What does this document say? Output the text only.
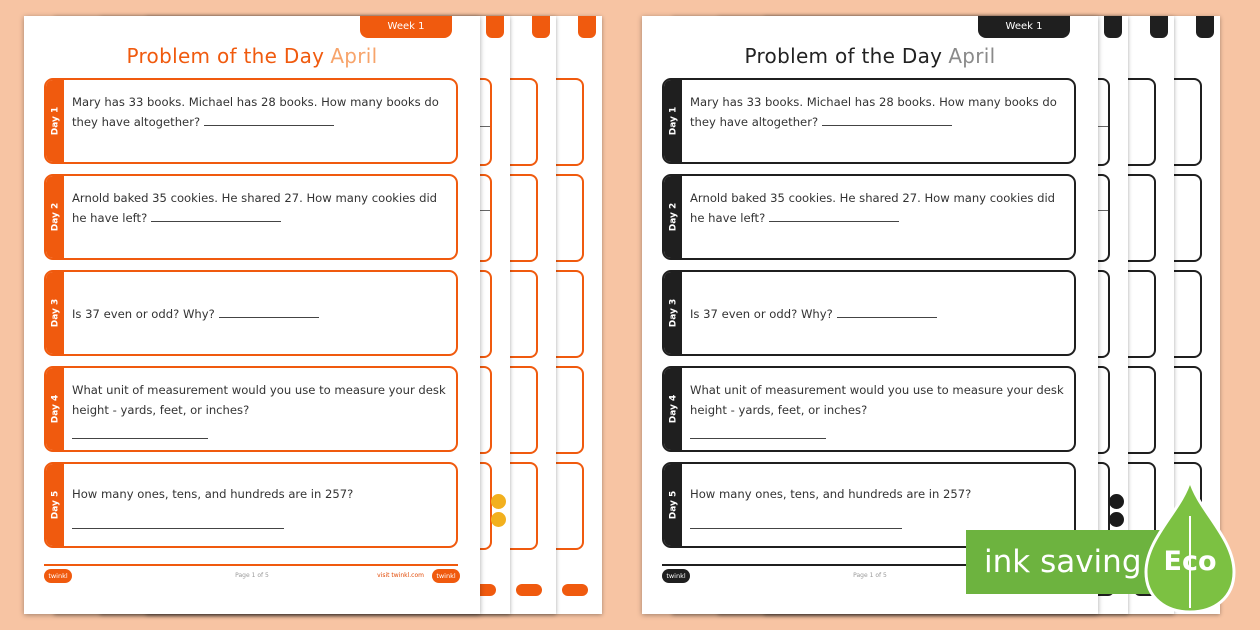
Week 1
Problem of the Day April
Day 1
Mary has 33 books. Michael has 28 books. How many books do they have altogether?
Day 2
Arnold baked 35 cookies. He shared 27. How many cookies did he have left?
Day 3 Is 37 even or odd? Why?
Day 4
What unit of measurement would you use to measure your desk height - yards, feet, or inches?
Day 5 How many ones, tens, and hundreds are in 257?
twinkl	Page 1 of 5	visit twinkl.com	twinkl
Week 1
Problem of the Day April
Day 1
Mary has 33 books. Michael has 28 books. How many books do they have altogether?
Day 2
Arnold baked 35 cookies. He shared 27. How many cookies did he have left?
Day 3 Is 37 even or odd? Why?
Day 4
What unit of measurement would you use to measure your desk height - yards, feet, or inches?
Day 5 How many ones, tens, and hundreds are in 257?
twinkl	Page 1 of 5	ink saving Eco
